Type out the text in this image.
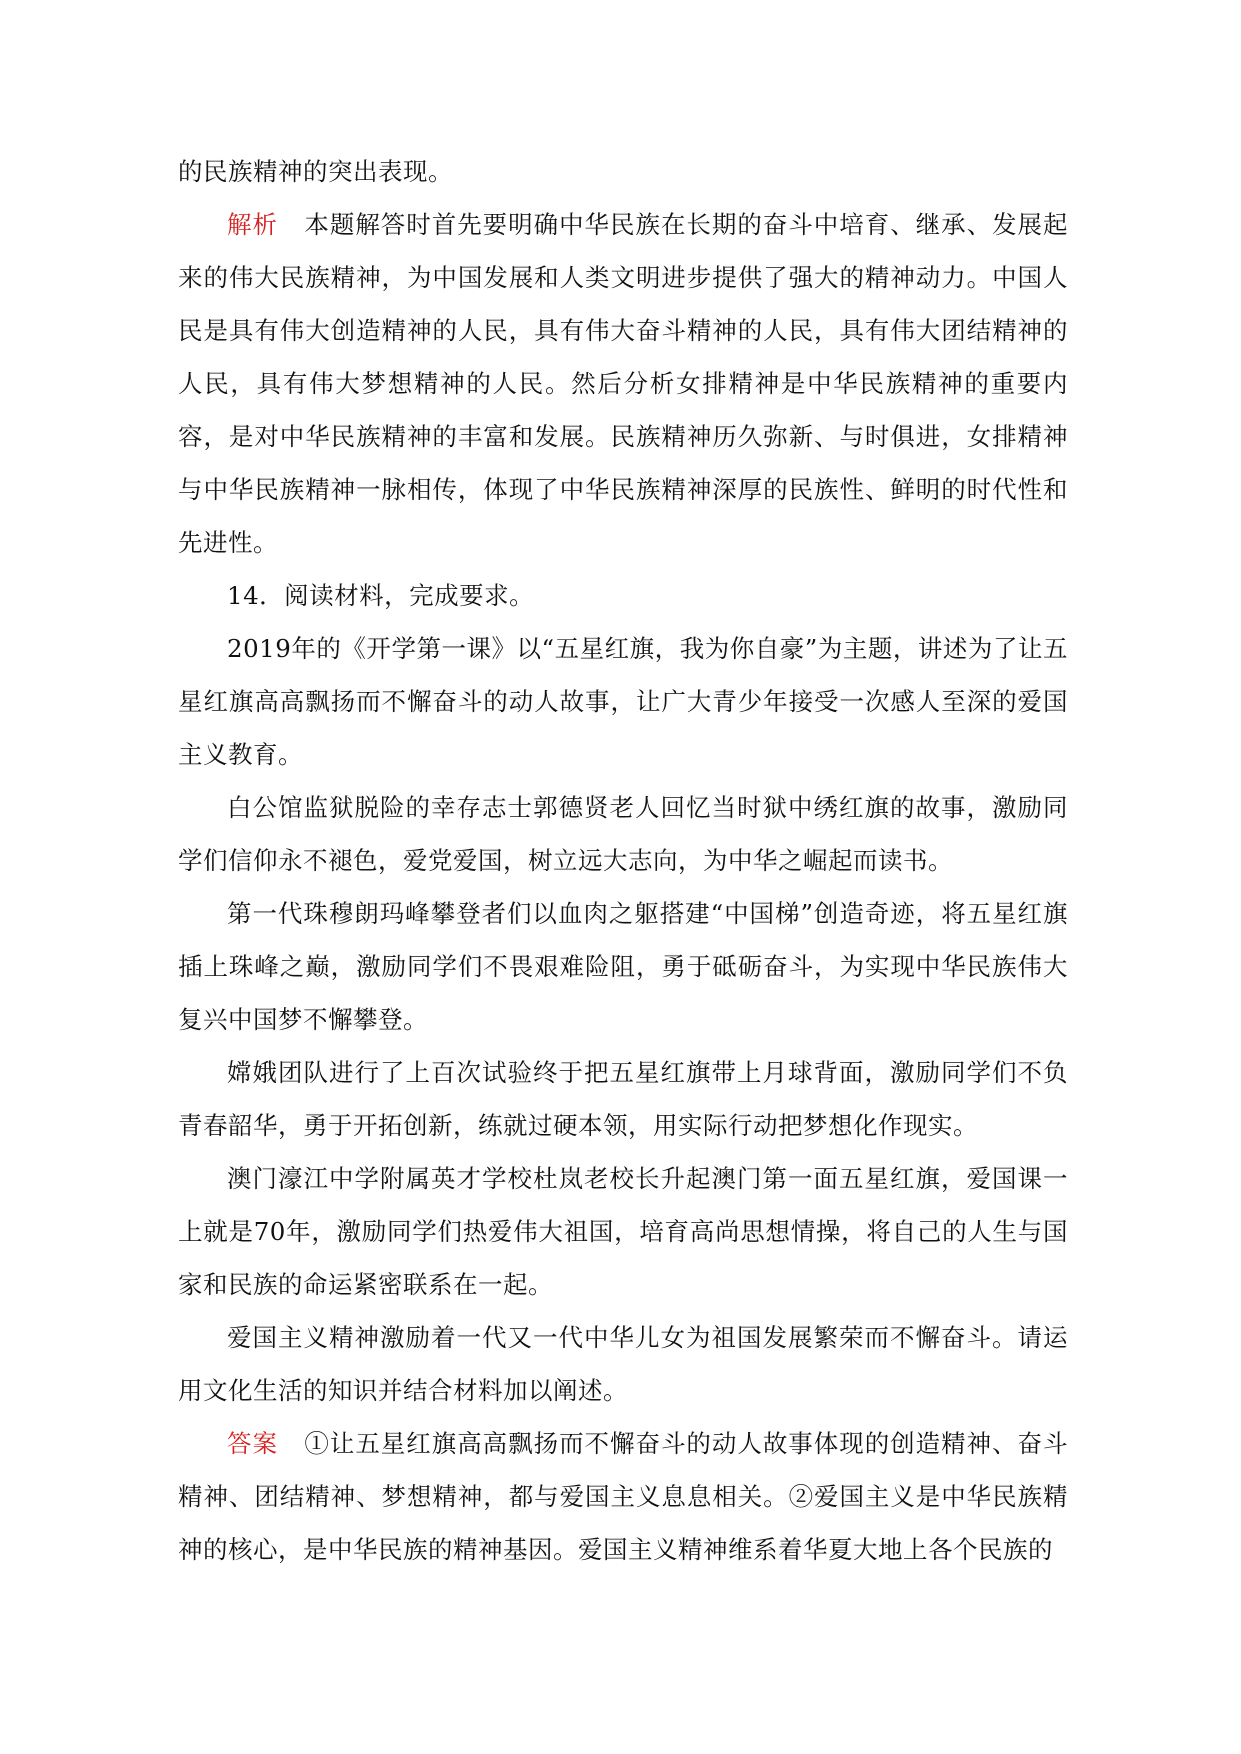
的民族精神的突出表现。

解析 本题解答时首先要明确中华民族在长期的奋斗中培育、继承、发展起来的伟大民族精神，为中国发展和人类文明进步提供了强大的精神动力。中国人民是具有伟大创造精神的人民，具有伟大奋斗精神的人民，具有伟大团结精神的人民，具有伟大梦想精神的人民。然后分析女排精神是中华民族精神的重要内容，是对中华民族精神的丰富和发展。民族精神历久弥新、与时俱进，女排精神与中华民族精神一脉相传，体现了中华民族精神深厚的民族性、鲜明的时代性和先进性。

14．阅读材料，完成要求。

2019年的《开学第一课》以“五星红旗，我为你自豪”为主题，讲述为了让五星红旗高高飘扬而不懈奋斗的动人故事，让广大青少年接受一次感人至深的爱国主义教育。

白公馆监狱脱险的幸存志士郭德贤老人回忆当时狱中绣红旗的故事，激励同学们信仰永不褪色，爱党爱国，树立远大志向，为中华之崛起而读书。

第一代珠穆朗玛峰攀登者们以血肉之躯搭建“中国梯”创造奇迹，将五星红旗插上珠峰之巅，激励同学们不畏艰难险阻，勇于砥砺奋斗，为实现中华民族伟大复兴中国梦不懈攀登。

嫦娥团队进行了上百次试验终于把五星红旗带上月球背面，激励同学们不负青春韶华，勇于开拓创新，练就过硬本领，用实际行动把梦想化作现实。

澳门濠江中学附属英才学校杜岚老校长升起澳门第一面五星红旗，爱国课一上就是70年，激励同学们热爱伟大祖国，培育高尚思想情操，将自己的人生与国家和民族的命运紧密联系在一起。

爱国主义精神激励着一代又一代中华儿女为祖国发展繁荣而不懈奋斗。请运用文化生活的知识并结合材料加以阐述。

答案 ①让五星红旗高高飘扬而不懈奋斗的动人故事体现的创造精神、奋斗精神、团结精神、梦想精神，都与爱国主义息息相关。②爱国主义是中华民族精神的核心，是中华民族的精神基因。爱国主义精神维系着华夏大地上各个民族的
